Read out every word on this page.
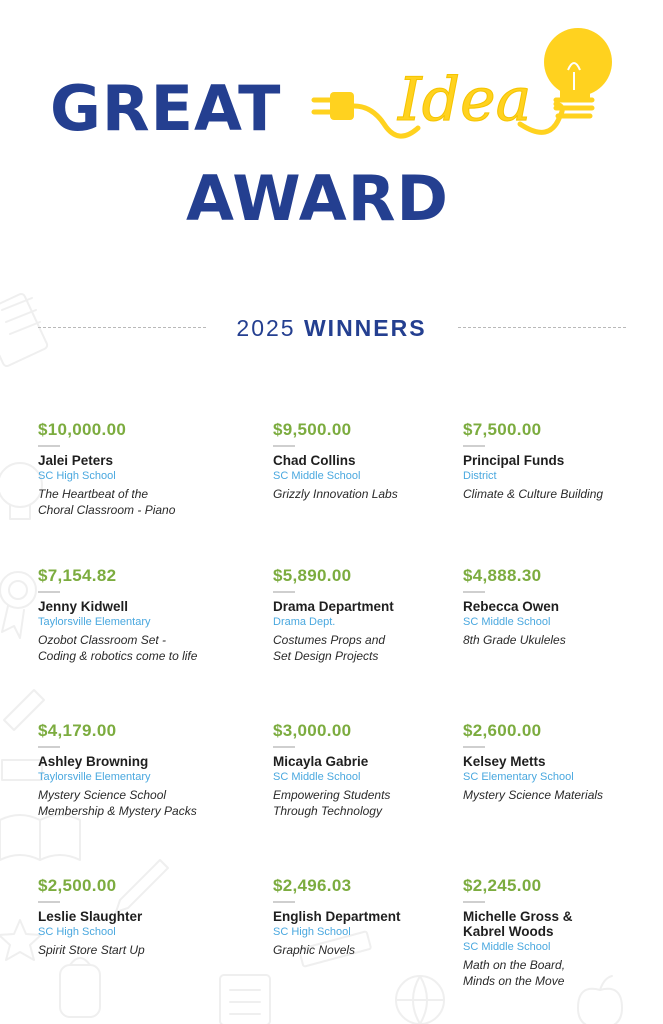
GREAT Idea
AWARD
2025 WINNERS
$10,000.00
Jalei Peters
SC High School
The Heartbeat of the
Choral Classroom - Piano
$9,500.00
Chad Collins
SC Middle School
Grizzly Innovation Labs
$7,500.00
Principal Funds
District
Climate & Culture Building
$7,154.82
Jenny Kidwell
Taylorsville Elementary
Ozobot Classroom Set -
Coding & robotics come to life
$5,890.00
Drama Department
Drama Dept.
Costumes Props and
Set Design Projects
$4,888.30
Rebecca Owen
SC Middle School
8th Grade Ukuleles
$4,179.00
Ashley Browning
Taylorsville Elementary
Mystery Science School
Membership & Mystery Packs
$3,000.00
Micayla Gabrie
SC Middle School
Empowering Students
Through Technology
$2,600.00
Kelsey Metts
SC Elementary School
Mystery Science Materials
$2,500.00
Leslie Slaughter
SC High School
Spirit Store Start Up
$2,496.03
English Department
SC High School
Graphic Novels
$2,245.00
Michelle Gross &
Kabrel Woods
SC Middle School
Math on the Board,
Minds on the Move
